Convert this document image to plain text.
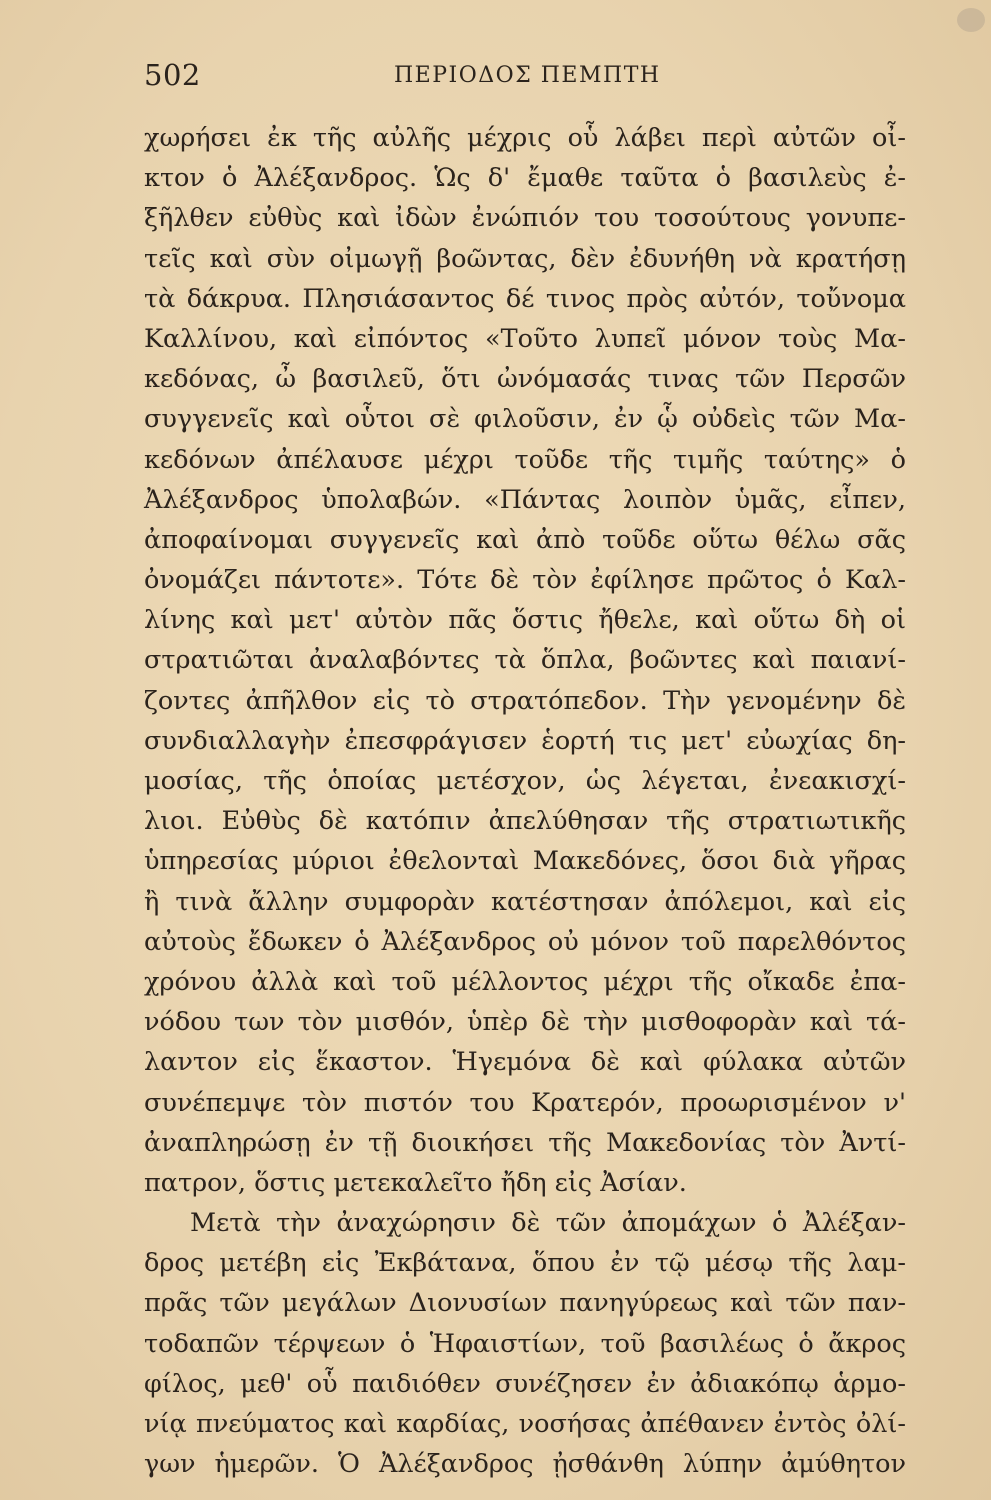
502	ΠΕΡΙΟΔΟΣ ΠΕΜΠΤΗ
χωρήσει ἐκ τῆς αὐλῆς μέχρις οὗ λάβει περὶ αὐτῶν οἶ-
κτον ὁ Ἀλέξανδρος. Ὡς δ' ἔμαθε ταῦτα ὁ βασιλεὺς ἐ-
ξῆλθεν εὐθὺς καὶ ἰδὼν ἐνώπιόν του τοσούτους γονυπε-
τεῖς καὶ σὺν οἰμωγῇ βοῶντας, δὲν ἐδυνήθη νὰ κρατήσῃ
τὰ δάκρυα. Πλησιάσαντος δέ τινος πρὸς αὐτόν, τοὔνομα
Καλλίνου, καὶ εἰπόντος «Τοῦτο λυπεῖ μόνον τοὺς Μα-
κεδόνας, ὦ βασιλεῦ, ὅτι ὠνόμασάς τινας τῶν Περσῶν
συγγενεῖς καὶ οὗτοι σὲ φιλοῦσιν, ἐν ᾧ οὐδεὶς τῶν Μα-
κεδόνων ἀπέλαυσε μέχρι τοῦδε τῆς τιμῆς ταύτης» ὁ
Ἀλέξανδρος ὑπολαβών. «Πάντας λοιπὸν ὑμᾶς, εἶπεν,
ἀποφαίνομαι συγγενεῖς καὶ ἀπὸ τοῦδε οὕτω θέλω σᾶς
ὀνομάζει πάντοτε». Τότε δὲ τὸν ἐφίλησε πρῶτος ὁ Καλ-
λίνης καὶ μετ' αὐτὸν πᾶς ὅστις ἤθελε, καὶ οὕτω δὴ οἱ
στρατιῶται ἀναλαβόντες τὰ ὅπλα, βοῶντες καὶ παιανί-
ζοντες ἀπῆλθον εἰς τὸ στρατόπεδον. Τὴν γενομένην δὲ
συνδιαλλαγὴν ἐπεσφράγισεν ἑορτή τις μετ' εὐωχίας δη-
μοσίας, τῆς ὁποίας μετέσχον, ὡς λέγεται, ἐνεακισχί-
λιοι. Εὐθὺς δὲ κατόπιν ἀπελύθησαν τῆς στρατιωτικῆς
ὑπηρεσίας μύριοι ἐθελονταὶ Μακεδόνες, ὅσοι διὰ γῆρας
ἢ τινὰ ἄλλην συμφορὰν κατέστησαν ἀπόλεμοι, καὶ εἰς
αὐτοὺς ἔδωκεν ὁ Ἀλέξανδρος οὐ μόνον τοῦ παρελθόντος
χρόνου ἀλλὰ καὶ τοῦ μέλλοντος μέχρι τῆς οἴκαδε ἐπα-
νόδου των τὸν μισθόν, ὑπὲρ δὲ τὴν μισθοφορὰν καὶ τά-
λαντον εἰς ἕκαστον. Ἡγεμόνα δὲ καὶ φύλακα αὐτῶν
συνέπεμψε τὸν πιστόν του Κρατερόν, προωρισμένον ν'
ἀναπληρώσῃ ἐν τῇ διοικήσει τῆς Μακεδονίας τὸν Ἀντί-
πατρον, ὅστις μετεκαλεῖτο ἤδη εἰς Ἀσίαν.
Μετὰ τὴν ἀναχώρησιν δὲ τῶν ἀπομάχων ὁ Ἀλέξαν-
δρος μετέβη εἰς Ἐκβάτανα, ὅπου ἐν τῷ μέσῳ τῆς λαμ-
πρᾶς τῶν μεγάλων Διονυσίων πανηγύρεως καὶ τῶν παν-
τοδαπῶν τέρψεων ὁ Ἡφαιστίων, τοῦ βασιλέως ὁ ἄκρος
φίλος, μεθ' οὗ παιδιόθεν συνέζησεν ἐν ἀδιακόπῳ ἁρμο-
νίᾳ πνεύματος καὶ καρδίας, νοσήσας ἀπέθανεν ἐντὸς ὀλί-
γων ἡμερῶν. Ὁ Ἀλέξανδρος ᾐσθάνθη λύπην ἀμύθητον
